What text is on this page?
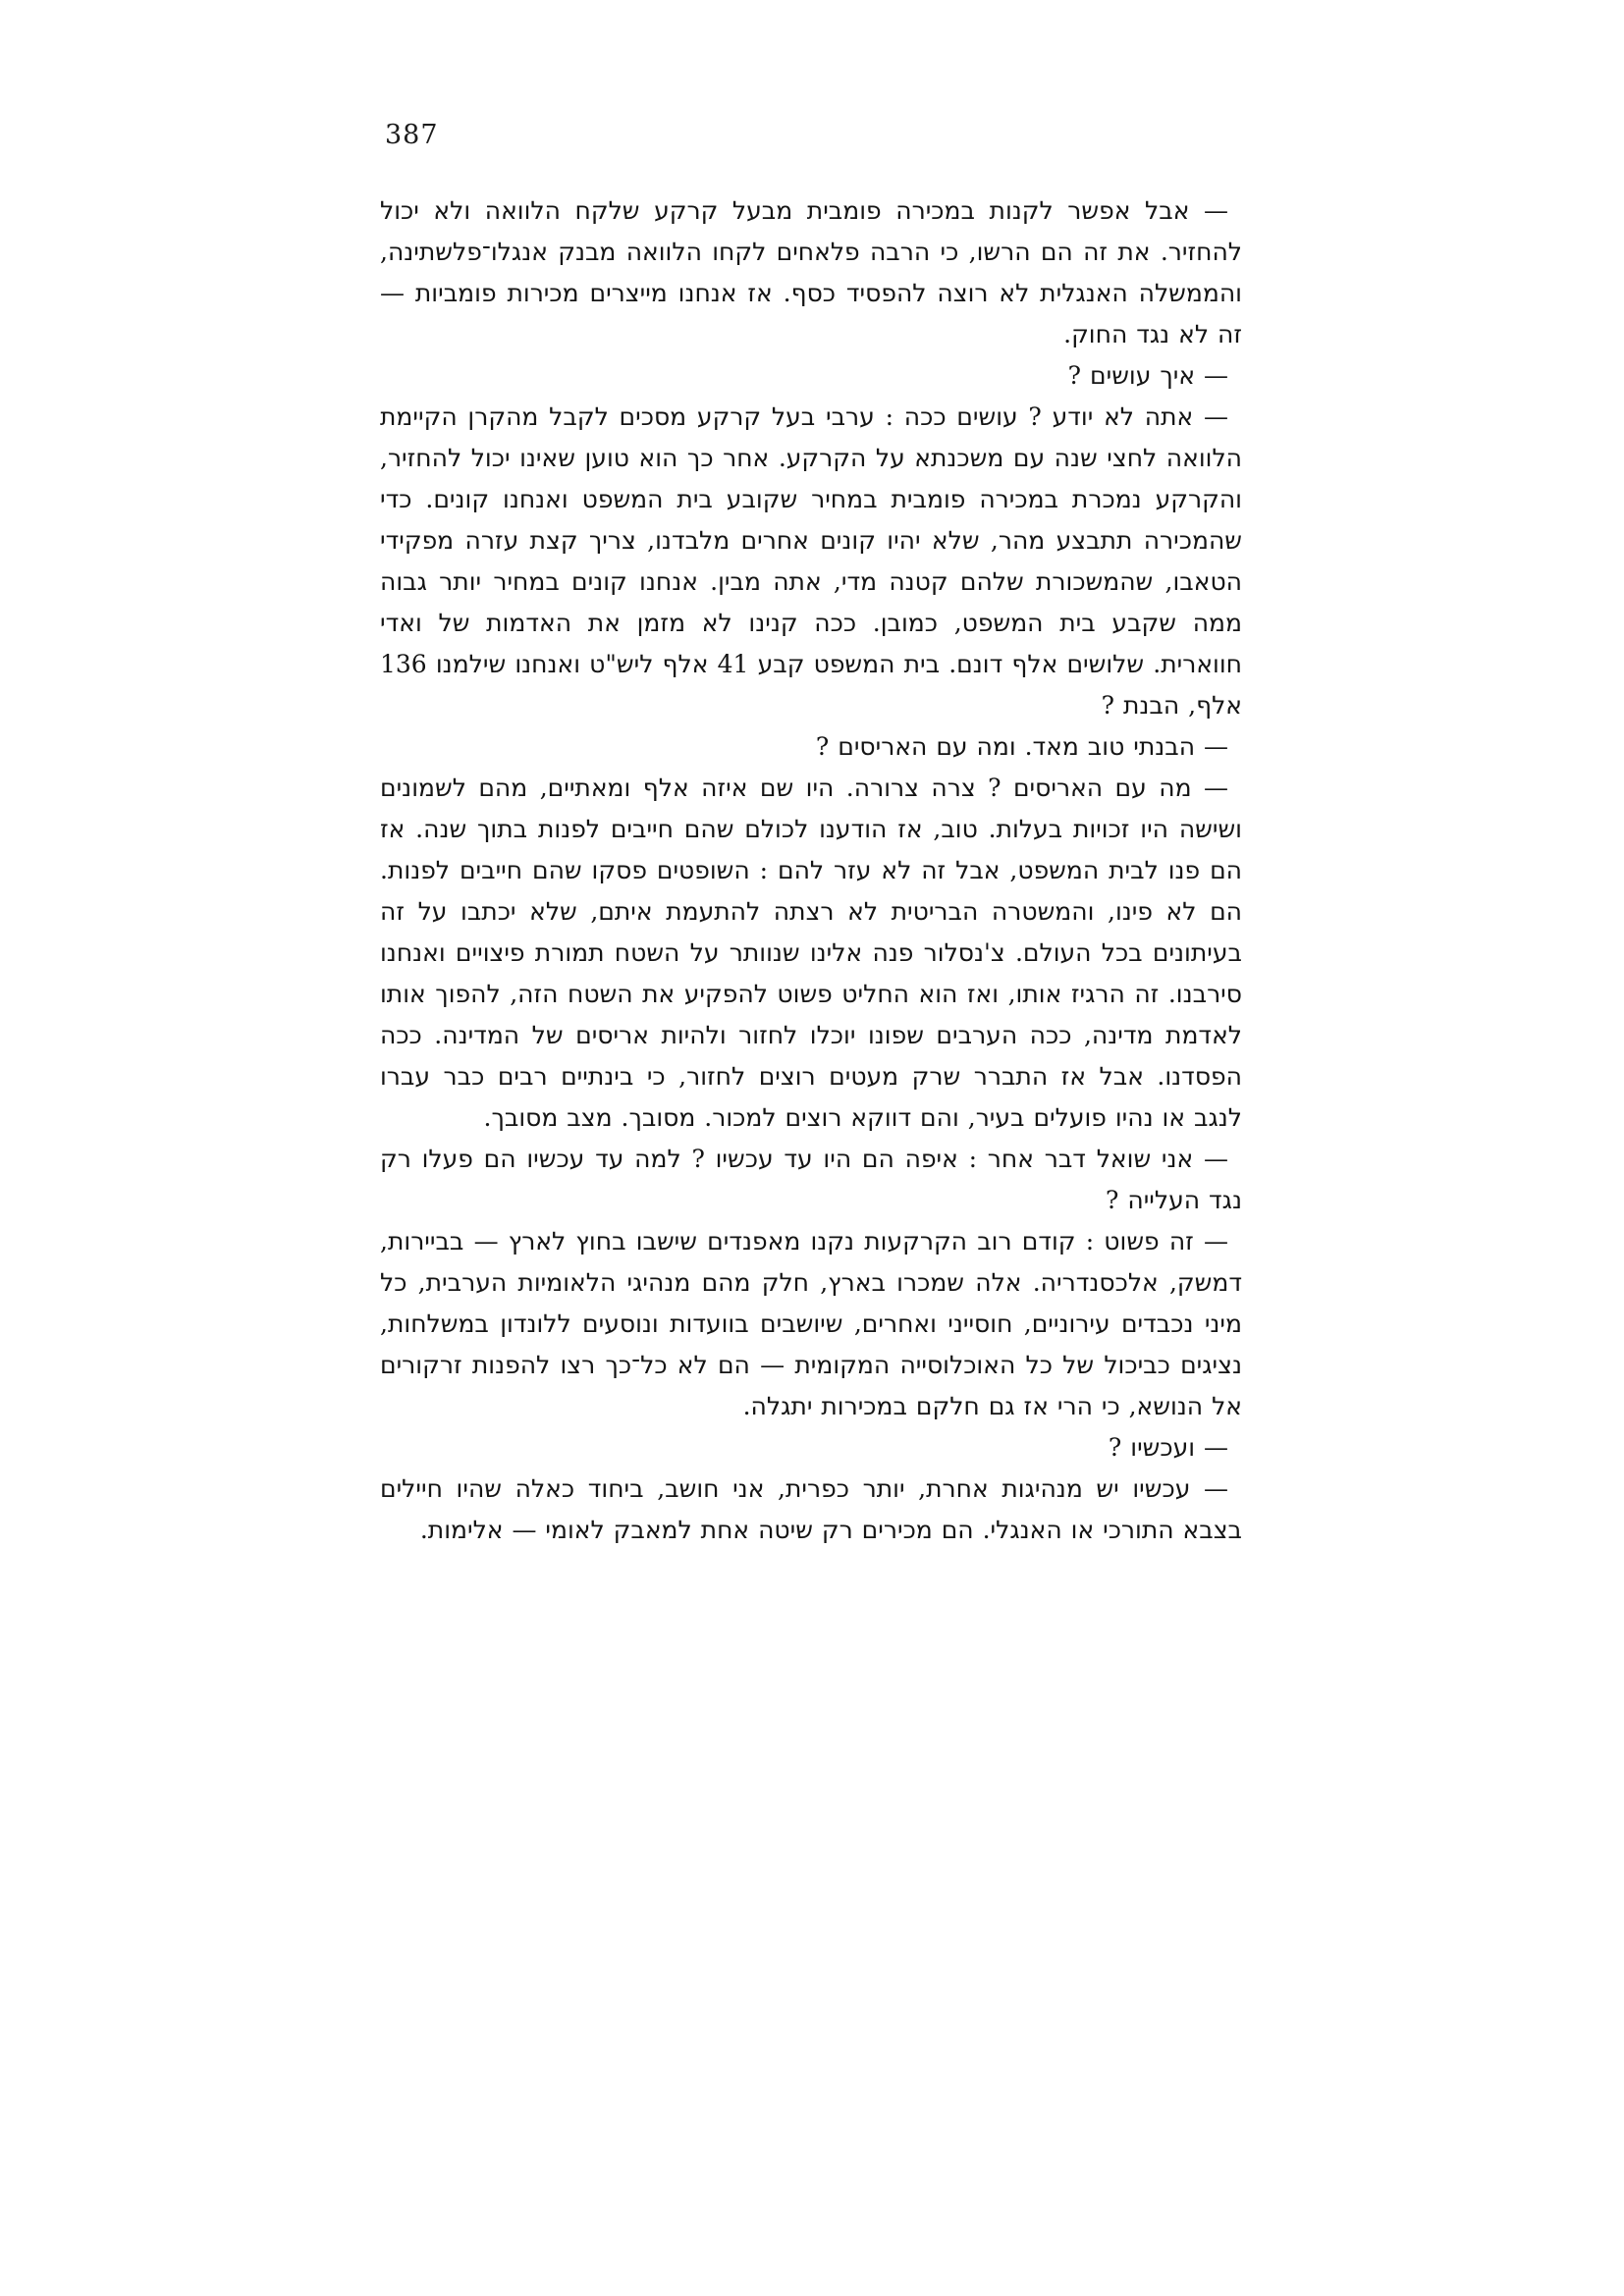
387

— אבל אפשר לקנות במכירה פומבית מבעל קרקע שלקח הלוואה ולא יכול להחזיר. את זה הם הרשו, כי הרבה פלאחים לקחו הלוואה מבנק אנגלו־פלשתינה, והממשלה האנגלית לא רוצה להפסיד כסף. אז אנחנו מייצרים מכירות פומביות — זה לא נגד החוק.

— איך עושים ?

— אתה לא יודע ? עושים ככה : ערבי בעל קרקע מסכים לקבל מהקרן הקיימת הלוואה לחצי שנה עם משכנתא על הקרקע. אחר כך הוא טוען שאינו יכול להחזיר, והקרקע נמכרת במכירה פומבית במחיר שקובע בית המשפט ואנחנו קונים. כדי שהמכירה תתבצע מהר, שלא יהיו קונים אחרים מלבדנו, צריך קצת עזרה מפקידי הטאבו, שהמשכורת שלהם קטנה מדי, אתה מבין. אנחנו קונים במחיר יותר גבוה ממה שקבע בית המשפט, כמובן. ככה קנינו לא מזמן את האדמות של ואדי חווארית. שלושים אלף דונם. בית המשפט קבע 41 אלף ליש"ט ואנחנו שילמנו 136 אלף, הבנת ?

— הבנתי טוב מאד. ומה עם האריסים ?

— מה עם האריסים ? צרה צרורה. היו שם איזה אלף ומאתיים, מהם לשמונים ושישה היו זכויות בעלות. טוב, אז הודענו לכולם שהם חייבים לפנות בתוך שנה. אז הם פנו לבית המשפט, אבל זה לא עזר להם : השופטים פסקו שהם חייבים לפנות. הם לא פינו, והמשטרה הבריטית לא רצתה להתעמת איתם, שלא יכתבו על זה בעיתונים בכל העולם. צ'נסלור פנה אלינו שנוותר על השטח תמורת פיצויים ואנחנו סירבנו. זה הרגיז אותו, ואז הוא החליט פשוט להפקיע את השטח הזה, להפוך אותו לאדמת מדינה, ככה הערבים שפונו יוכלו לחזור ולהיות אריסים של המדינה. ככה הפסדנו. אבל אז התברר שרק מעטים רוצים לחזור, כי בינתיים רבים כבר עברו לנגב או נהיו פועלים בעיר, והם דווקא רוצים למכור. מסובך. מצב מסובך.

— אני שואל דבר אחר : איפה הם היו עד עכשיו ? למה עד עכשיו הם פעלו רק נגד העלייה ?

— זה פשוט : קודם רוב הקרקעות נקנו מאפנדים שישבו בחוץ לארץ — בביירות, דמשק, אלכסנדריה. אלה שמכרו בארץ, חלק מהם מנהיגי הלאומיות הערבית, כל מיני נכבדים עירוניים, חוסייני ואחרים, שיושבים בוועדות ונוסעים ללונדון במשלחות, נציגים כביכול של כל האוכלוסייה המקומית — הם לא כל־כך רצו להפנות זרקורים אל הנושא, כי הרי אז גם חלקם במכירות יתגלה.

— ועכשיו ?

— עכשיו יש מנהיגות אחרת, יותר כפרית, אני חושב, ביחוד כאלה שהיו חיילים בצבא התורכי או האנגלי. הם מכירים רק שיטה אחת למאבק לאומי — אלימות.
